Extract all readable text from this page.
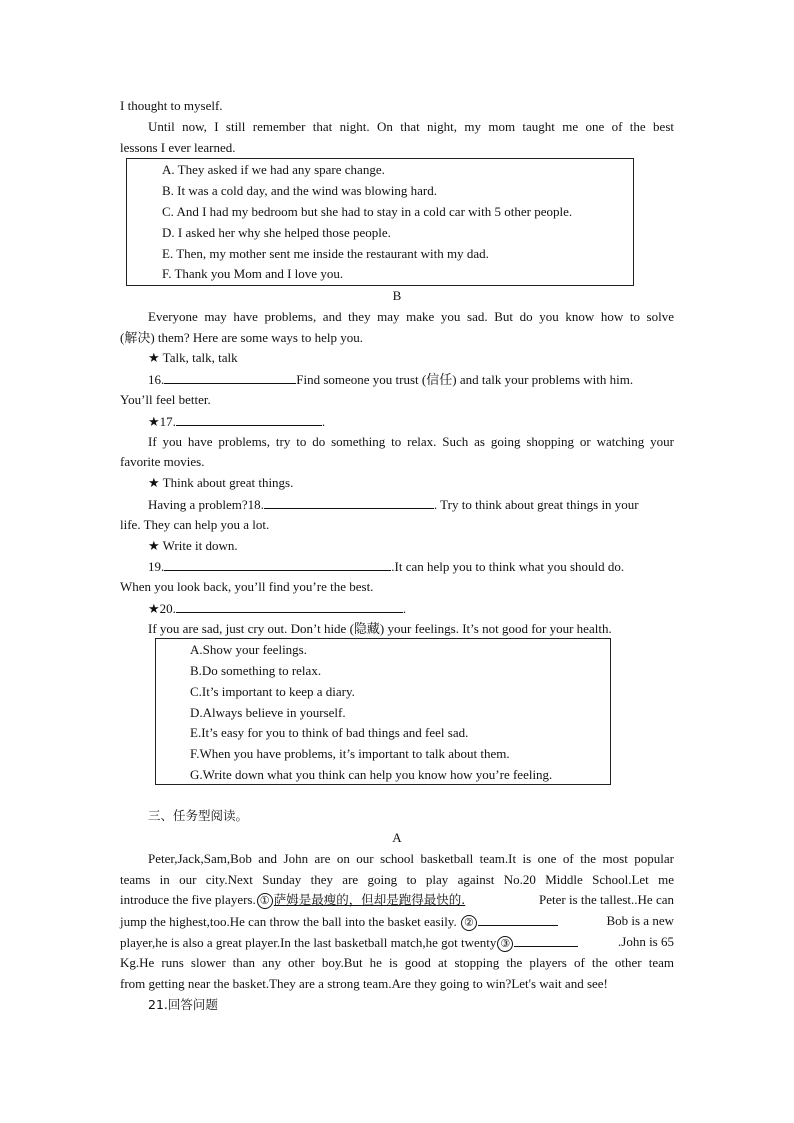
I thought to myself.
Until now, I still remember that night. On that night, my mom taught me one of the best
lessons I ever learned.
A. They asked if we had any spare change.
B. It was a cold day, and the wind was blowing hard.
C. And I had my bedroom but she had to stay in a cold car with 5 other people.
D. I asked her why she helped those people.
E. Then, my mother sent me inside the restaurant with my dad.
F. Thank you Mom and I love you.
B
Everyone may have problems, and they may make you sad. But do you know how to solve
(解决) them? Here are some ways to help you.
★ Talk, talk, talk
16.	Find someone you trust (信任) and talk your problems with him.
You’ll feel better.
★17.	.
If you have problems, try to do something to relax. Such as going shopping or watching your
favorite movies.
★ Think about great things.
Having a problem?18.	. Try to think about great things in your
life. They can help you a lot.
★ Write it down.
19.	.It can help you to think what you should do.
When you look back, you’ll find you’re the best.
★20.	.
If you are sad, just cry out. Don’t hide (隐藏) your feelings. It’s not good for your health.
A.Show your feelings.
B.Do something to relax.
C.It’s important to keep a diary.
D.Always believe in yourself.
E.It’s easy for you to think of bad things and feel sad.
F.When you have problems, it’s important to talk about them.
G.Write down what you think can help you know how you’re feeling.
三、任务型阅读。
A
Peter,Jack,Sam,Bob and John are on our school basketball team.It is one of the most popular
teams in our city.Next Sunday they are going to play against No.20 Middle School.Let me
introduce the five players. ① 萨姆是最瘦的，但却是跑得最快的.	Peter is the tallest..He can
jump the highest,too.He can throw the ball into the basket easily. ②	Bob is a new
player,he is also a great player.In the last basketball match,he got twenty ③	.John is 65
Kg.He runs slower than any other boy.But he is good at stopping the players of the other team
from getting near the basket.They are a strong team.Are they going to win?Let's wait and see!
21.回答问题
